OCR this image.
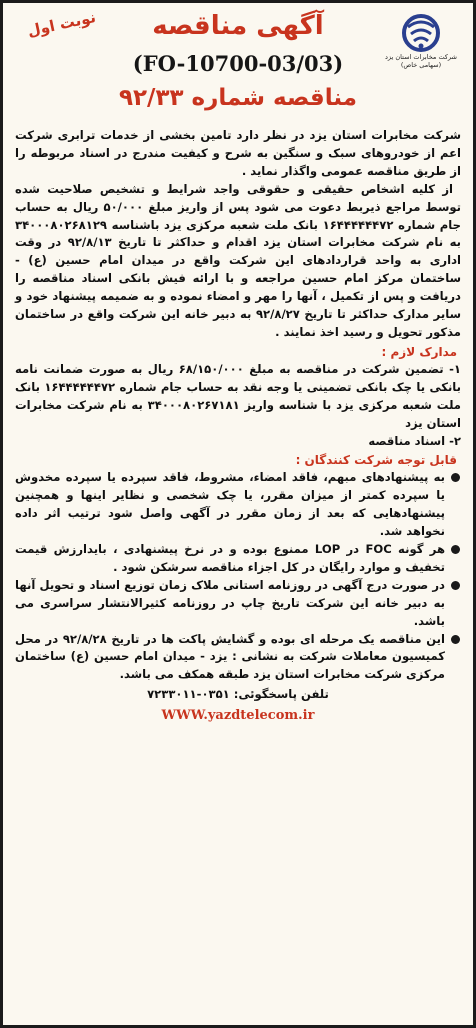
نوبت اول	آگهی مناقصه
(FO-10700-03/03)
مناقصه شماره ۹۲/۳۳
شرکت مخابرات استان یزد
(سهامی خاص)

شرکت مخابرات استان یزد در نظر دارد تامین بخشی از خدمات ترابری شرکت اعم از خودروهای سبک و سنگین به شرح و کیفیت مندرج در اسناد مربوطه را از طریق مناقصه عمومی واگذار نماید .

از کلیه اشخاص حقیقی و حقوقی واجد شرایط و تشخیص صلاحیت شده توسط مراجع ذیربط دعوت می شود پس از واریز مبلغ ۵۰/۰۰۰ ریال به حساب جام شماره ۱۶۴۴۴۴۴۴۷۲ بانک ملت شعبه مرکزی یزد باشناسه ۳۴۰۰۰۸۰۲۶۸۱۲۹ به نام شرکت مخابرات استان یزد اقدام و حداکثر تا تاریخ ۹۲/۸/۱۳ در وقت اداری به واحد قراردادهای این شرکت واقع در میدان امام حسین (ع) - ساختمان مرکز امام حسین مراجعه و با ارائه فیش بانکی اسناد مناقصه را دریافت و پس از تکمیل ، آنها را مهر و امضاء نموده و به ضمیمه پیشنهاد خود و سایر مدارک حداکثر تا تاریخ ۹۲/۸/۲۷ به دبیر خانه این شرکت واقع در ساختمان مذکور تحویل و رسید اخذ نمایند .

مدارک لازم :
۱- تضمین شرکت در مناقصه به مبلغ ۶۸/۱۵۰/۰۰۰ ریال به صورت ضمانت نامه بانکی یا چک بانکی تضمینی یا وجه نقد به حساب جام شماره ۱۶۴۴۴۴۴۴۷۲ بانک ملت شعبه مرکزی یزد با شناسه واریز ۳۴۰۰۰۸۰۲۶۷۱۸۱ به نام شرکت مخابرات استان یزد
۲- اسناد مناقصه
قابل توجه شرکت کنندگان :
به پیشنهادهای مبهم، فاقد امضاء، مشروط، فاقد سپرده یا سپرده مخدوش یا سپرده کمتر از میزان مقرر، یا چک شخصی و نظایر اینها و همچنین پیشنهادهایی که بعد از زمان مقرر در آگهی واصل شود ترتیب اثر داده نخواهد شد.
هر گونه FOC در LOP ممنوع بوده و در نرخ پیشنهادی ، بایدارزش قیمت تخفیف و موارد رایگان در کل اجزاء مناقصه سرشکن شود .
در صورت درج آگهی در روزنامه استانی ملاک زمان توزیع اسناد و تحویل آنها به دبیر خانه این شرکت تاریخ چاپ در روزنامه کثیرالانتشار سراسری می باشد.
این مناقصه یک مرحله ای بوده و گشایش پاکت ها در تاریخ ۹۲/۸/۲۸ در محل کمیسیون معاملات شرکت به نشانی : یزد - میدان امام حسین (ع) ساختمان مرکزی شرکت مخابرات استان یزد طبقه همکف می باشد.
تلفن پاسخگوئی: ۰۳۵۱-۷۲۳۳۰۱۱
WWW.yazdtelecom.ir
